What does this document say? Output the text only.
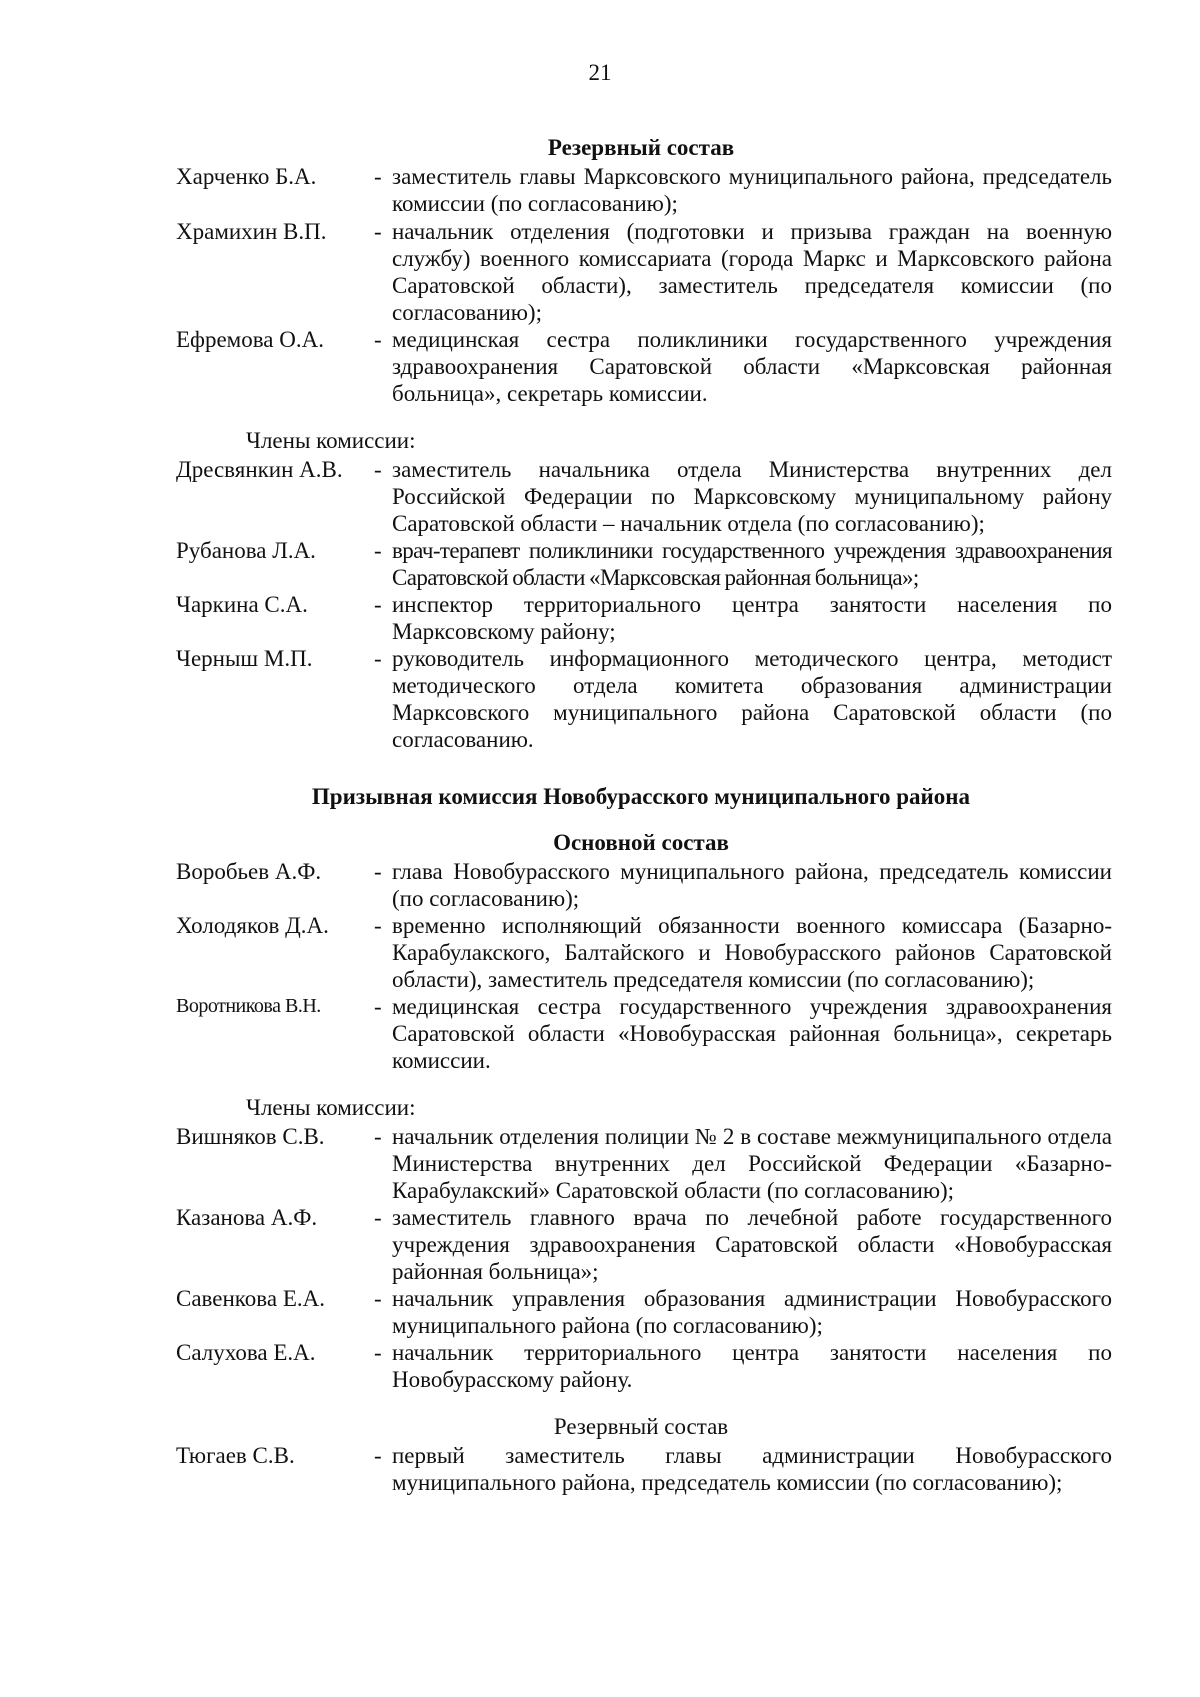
21
Резервный состав
Харченко Б.А.	- заместитель главы Марксовского муниципального района, председатель комиссии (по согласованию);
Храмихин В.П. - начальник отделения (подготовки и призыва граждан на военную службу) военного комиссариата (города Маркс и Марксовского района Саратовской области), заместитель председателя комиссии (по согласованию);
Ефремова О.А. - медицинская сестра поликлиники государственного учреждения здравоохранения Саратовской области «Марксовская районная больница», секретарь комиссии.
Члены комиссии:
Дресвянкин А.В. - заместитель начальника отдела Министерства внутренних дел Российской Федерации по Марксовскому муниципальному району Саратовской области – начальник отдела (по согласованию);
Рубанова Л.А.	- врач-терапевт поликлиники государственного учреждения здравоохранения Саратовской области «Марксовская районная больница»;
Чаркина С.А.	- инспектор территориального центра занятости населения по Марксовскому району;
Черныш М.П.	- руководитель информационного методического центра, методист методического отдела комитета образования администрации Марксовского муниципального района Саратовской области (по согласованию.
Призывная комиссия Новобурасского муниципального района
Основной состав
Воробьев А.Ф. - глава Новобурасского муниципального района, председатель комиссии (по согласованию);
Холодяков Д.А. - временно исполняющий обязанности военного комиссара (Базарно-Карабулакского, Балтайского и Новобурасского районов Саратовской области), заместитель председателя комиссии (по согласованию);
Воротникова В.Н. - медицинская сестра государственного учреждения здравоохранения Саратовской области «Новобурасская районная больница», секретарь комиссии.
Члены комиссии:
Вишняков С.В. - начальник отделения полиции № 2 в составе межмуниципального отдела Министерства внутренних дел Российской Федерации «Базарно-Карабулакский» Саратовской области (по согласованию);
Казанова А.Ф. - заместитель главного врача по лечебной работе государственного учреждения здравоохранения Саратовской области «Новобурасская районная больница»;
Савенкова Е.А. - начальник управления образования администрации Новобурасского муниципального района (по согласованию);
Салухова Е.А.	- начальник территориального центра занятости населения по Новобурасскому району.
Резервный состав
Тюгаев С.В.	- первый заместитель главы администрации Новобурасского муниципального района, председатель комиссии (по согласованию);
